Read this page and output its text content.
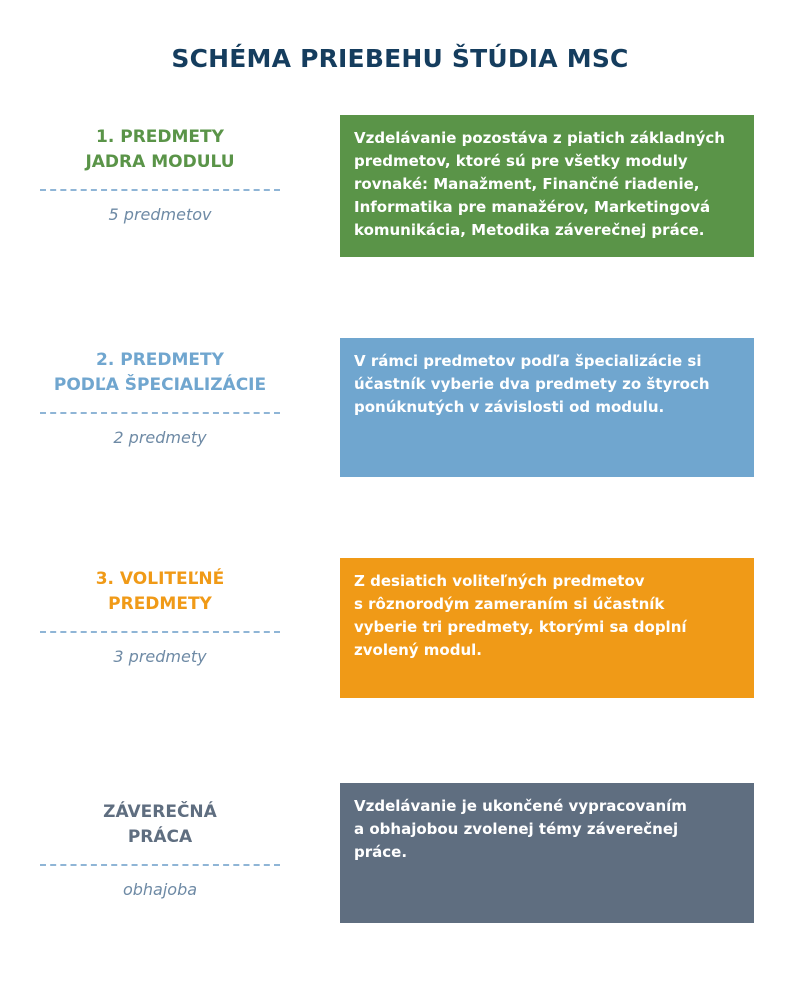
SCHÉMA PRIEBEHU ŠTÚDIA MSC
1. PREDMETY
JADRA MODULU
5 predmetov
Vzdelávanie pozostáva z piatich základných
predmetov, ktoré sú pre všetky moduly
rovnaké: Manažment, Finančné riadenie,
Informatika pre manažérov, Marketingová
komunikácia, Metodika záverečnej práce.
2. PREDMETY
PODĽA ŠPECIALIZÁCIE
2 predmety
V rámci predmetov podľa špecializácie si
účastník vyberie dva predmety zo štyroch
ponúknutých v závislosti od modulu.
3. VOLITEĽNÉ
PREDMETY
3 predmety
Z desiatich voliteľných predmetov
s rôznorodým zameraním si účastník
vyberie tri predmety, ktorými sa doplní
zvolený modul.
ZÁVEREČNÁ
PRÁCA
obhajoba
Vzdelávanie je ukončené vypracovaním
a obhajobou zvolenej témy záverečnej
práce.
